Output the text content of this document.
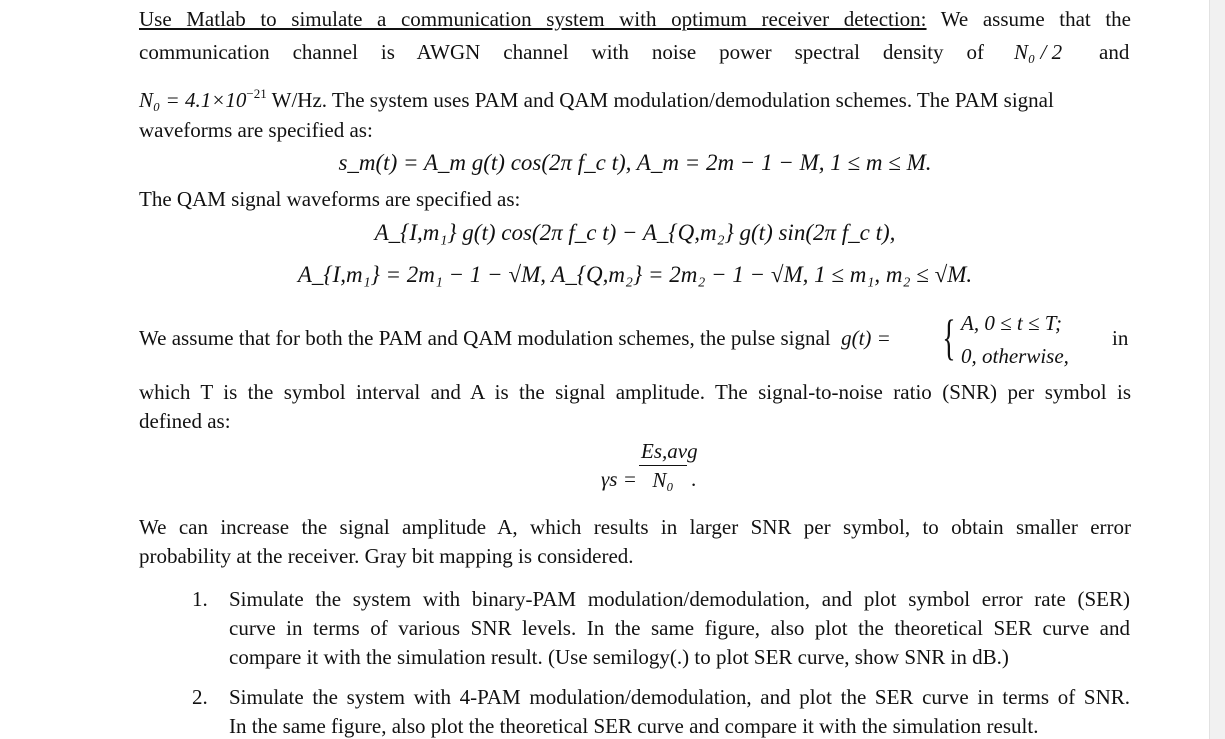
Use Matlab to simulate a communication system with optimum receiver detection: We assume that the
communication channel is AWGN channel with noise power spectral density of N₀ / 2 and
$N_0 = 4.1\times 10^{-21}$ W/Hz. The system uses PAM and QAM modulation/demodulation schemes. The PAM signal
waveforms are specified as:
s_m(t) = A_m g(t) cos(2π f_c t), A_m = 2m − 1 − M, 1 ≤ m ≤ M.
The QAM signal waveforms are specified as:
A_{I,m₁} g(t) cos(2π f_c t) − A_{Q,m₂} g(t) sin(2π f_c t),
A_{I,m₁} = 2m₁ − 1 − √M, A_{Q,m₂} = 2m₂ − 1 − √M, 1 ≤ m₁, m₂ ≤ √M.
We assume that for both the PAM and QAM modulation schemes, the pulse signal  g(t) =	{ A, 0 ≤ t ≤ T;
0, otherwise,
in
which T is the symbol interval and A is the signal amplitude. The signal-to-noise ratio (SNR) per symbol is
defined as:
γs =
Es,avg
N₀ .
We can increase the signal amplitude A, which results in larger SNR per symbol, to obtain smaller error
probability at the receiver. Gray bit mapping is considered.
1. Simulate the system with binary-PAM modulation/demodulation, and plot symbol error rate (SER)
curve in terms of various SNR levels. In the same figure, also plot the theoretical SER curve and
compare it with the simulation result. (Use semilogy(.) to plot SER curve, show SNR in dB.)
2. Simulate the system with 4-PAM modulation/demodulation, and plot the SER curve in terms of SNR.
In the same figure, also plot the theoretical SER curve and compare it with the simulation result.
